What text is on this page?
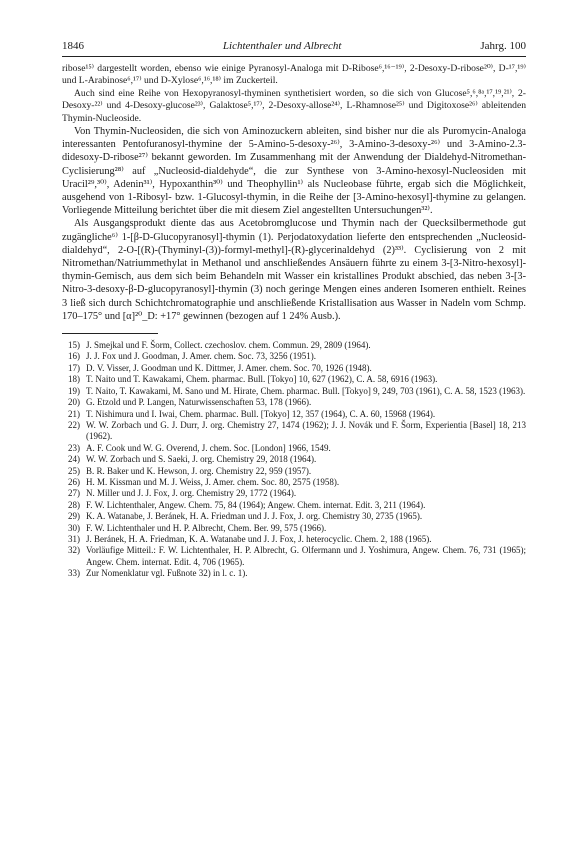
1846	Lichtenthaler und Albrecht	Jahrg. 100

ribose¹⁵⁾ dargestellt worden, ebenso wie einige Pyranosyl-Analoga mit D-Ribose⁶,¹⁶⁻¹⁹⁾, 2-Desoxy-D-ribose²⁰⁾, D-¹⁷,¹⁹⁾ und L-Arabinose⁶,¹⁷⁾ und D-Xylose⁶,¹⁶,¹⁸⁾ im Zuckerteil.

Auch sind eine Reihe von Hexopyranosyl-thyminen synthetisiert worden, so die sich von Glucose⁵,⁶,⁸ᵃ,¹⁷,¹⁹,²¹⁾, 2-Desoxy-²²⁾ und 4-Desoxy-glucose²³⁾, Galaktose⁵,¹⁷⁾, 2-Desoxy-allose²⁴⁾, L-Rhamnose²⁵⁾ und Digitoxose²⁶⁾ ableitenden Thymin-Nucleoside.

Von Thymin-Nucleosiden, die sich von Aminozuckern ableiten, sind bisher nur die als Puromycin-Analoga interessanten Pentofuranosyl-thymine der 5-Amino-5-desoxy-²⁶⁾, 3-Amino-3-desoxy-²⁶⁾ und 3-Amino-2.3-didesoxy-D-ribose²⁷⁾ bekannt geworden. Im Zusammenhang mit der Anwendung der Dialdehyd-Nitromethan-Cyclisierung²⁸⁾ auf „Nucleosid-dialdehyde“, die zur Synthese von 3-Amino-hexosyl-Nucleosiden mit Uracil²⁹,³⁰⁾, Adenin³¹⁾, Hypoxanthin³⁰⁾ und Theophyllin¹⁾ als Nucleobase führte, ergab sich die Möglichkeit, ausgehend von 1-Ribosyl- bzw. 1-Glucosyl-thymin, in die Reihe der [3-Amino-hexosyl]-thymine zu gelangen. Vorliegende Mitteilung berichtet über die mit diesem Ziel angestellten Untersuchungen³²⁾.

Als Ausgangsprodukt diente das aus Acetobromglucose und Thymin nach der Quecksilbermethode gut zugängliche⁶⁾ 1-[β-D-Glucopyranosyl]-thymin (1). Perjodatoxydation lieferte den entsprechenden „Nucleosid-dialdehyd“, 2-O-[(R)-(Thyminyl-(3))-formyl-methyl]-(R)-glycerinaldehyd (2)³³⁾. Cyclisierung von 2 mit Nitromethan/Natriummethylat in Methanol und anschließendes Ansäuern führte zu einem 3-[3-Nitro-hexosyl]-thymin-Gemisch, aus dem sich beim Behandeln mit Wasser ein kristallines Produkt abschied, das neben 3-[3-Nitro-3-desoxy-β-D-glucopyranosyl]-thymin (3) noch geringe Mengen eines anderen Isomeren enthielt. Reines 3 ließ sich durch Schichtchromatographie und anschließende Kristallisation aus Wasser in Nadeln vom Schmp. 170–175° und [α]²⁰_D: +17° gewinnen (bezogen auf 1 24% Ausb.).

15) J. Smejkal und F. Šorm, Collect. czechoslov. chem. Commun. 29, 2809 (1964).
16) J. J. Fox und J. Goodman, J. Amer. chem. Soc. 73, 3256 (1951).
17) D. V. Visser, J. Goodman und K. Dittmer, J. Amer. chem. Soc. 70, 1926 (1948).
18) T. Naito und T. Kawakami, Chem. pharmac. Bull. [Tokyo] 10, 627 (1962), C. A. 58, 6916 (1963).
19) T. Naito, T. Kawakami, M. Sano und M. Hirate, Chem. pharmac. Bull. [Tokyo] 9, 249, 703 (1961), C. A. 58, 1523 (1963).
20) G. Etzold und P. Langen, Naturwissenschaften 53, 178 (1966).
21) T. Nishimura und I. Iwai, Chem. pharmac. Bull. [Tokyo] 12, 357 (1964), C. A. 60, 15968 (1964).
22) W. W. Zorbach und G. J. Durr, J. org. Chemistry 27, 1474 (1962); J. J. Novák und F. Šorm, Experientia [Basel] 18, 213 (1962).
23) A. F. Cook und W. G. Overend, J. chem. Soc. [London] 1966, 1549.
24) W. W. Zorbach und S. Saeki, J. org. Chemistry 29, 2018 (1964).
25) B. R. Baker und K. Hewson, J. org. Chemistry 22, 959 (1957).
26) H. M. Kissman und M. J. Weiss, J. Amer. chem. Soc. 80, 2575 (1958).
27) N. Miller und J. J. Fox, J. org. Chemistry 29, 1772 (1964).
28) F. W. Lichtenthaler, Angew. Chem. 75, 84 (1964); Angew. Chem. internat. Edit. 3, 211 (1964).
29) K. A. Watanabe, J. Beránek, H. A. Friedman und J. J. Fox, J. org. Chemistry 30, 2735 (1965).
30) F. W. Lichtenthaler und H. P. Albrecht, Chem. Ber. 99, 575 (1966).
31) J. Beránek, H. A. Friedman, K. A. Watanabe und J. J. Fox, J. heterocyclic. Chem. 2, 188 (1965).
32) Vorläufige Mitteil.: F. W. Lichtenthaler, H. P. Albrecht, G. Olfermann und J. Yoshimura, Angew. Chem. 76, 731 (1965); Angew. Chem. internat. Edit. 4, 706 (1965).
33) Zur Nomenklatur vgl. Fußnote 32) in l. c. 1).
